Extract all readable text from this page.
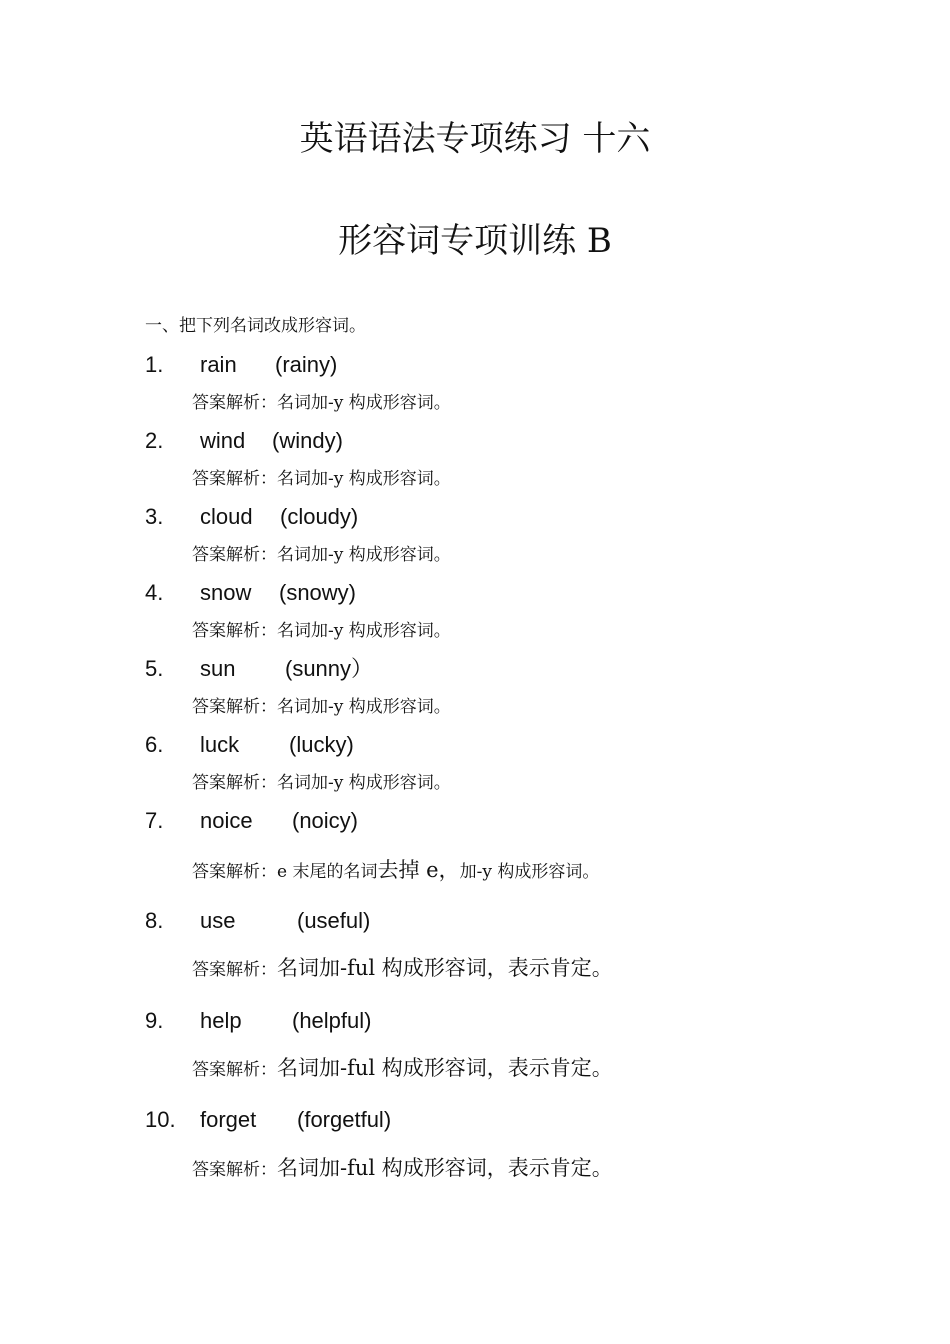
英语语法专项练习 十六
形容词专项训练 B
一、把下列名词改成形容词。
1. rain (rainy)
答案解析：名词加-y 构成形容词。
2. wind (windy)
答案解析：名词加-y 构成形容词。
3. cloud (cloudy)
答案解析：名词加-y 构成形容词。
4. snow (snowy)
答案解析：名词加-y 构成形容词。
5. sun (sunny）
答案解析：名词加-y 构成形容词。
6. luck (lucky)
答案解析：名词加-y 构成形容词。
7. noice (noicy)
答案解析：e 末尾的名词去掉 e，加-y 构成形容词。
8. use	(useful)
答案解析：名词加-ful 构成形容词，表示肯定。
9. help (helpful)
答案解析：名词加-ful 构成形容词，表示肯定。
10. forget (forgetful)
答案解析：名词加-ful 构成形容词，表示肯定。
